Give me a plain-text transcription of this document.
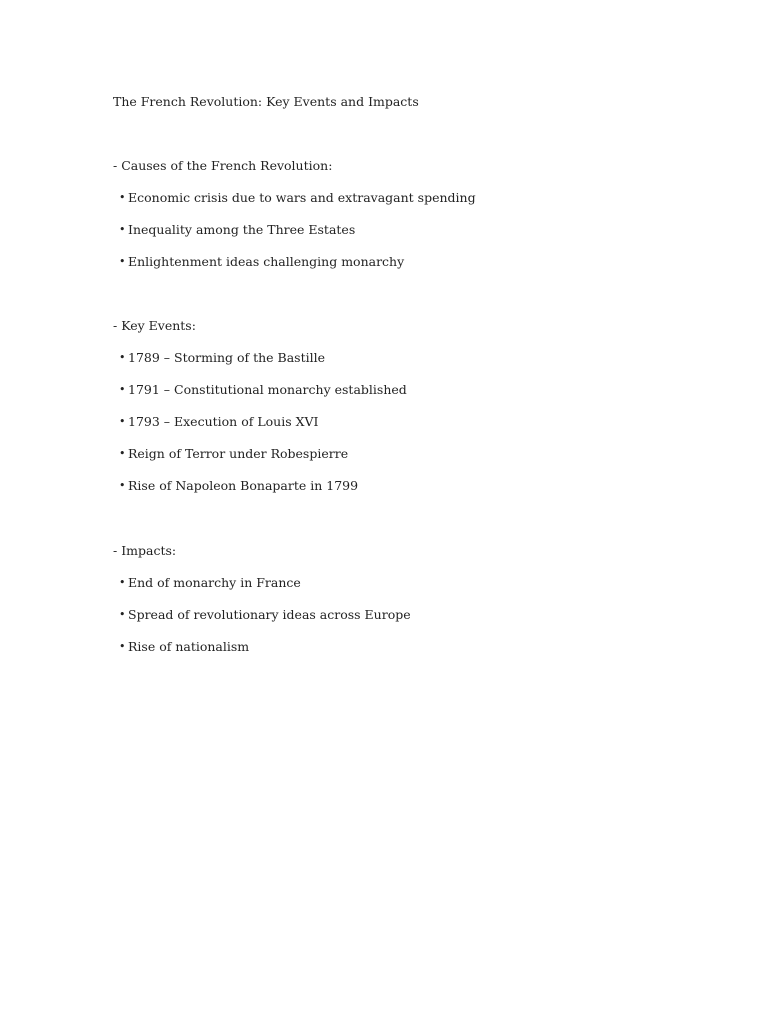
The French Revolution: Key Events and Impacts
- Causes of the French Revolution:
• Economic crisis due to wars and extravagant spending
• Inequality among the Three Estates
• Enlightenment ideas challenging monarchy
- Key Events:
• 1789 – Storming of the Bastille
• 1791 – Constitutional monarchy established
• 1793 – Execution of Louis XVI
• Reign of Terror under Robespierre
• Rise of Napoleon Bonaparte in 1799
- Impacts:
• End of monarchy in France
• Spread of revolutionary ideas across Europe
• Rise of nationalism
